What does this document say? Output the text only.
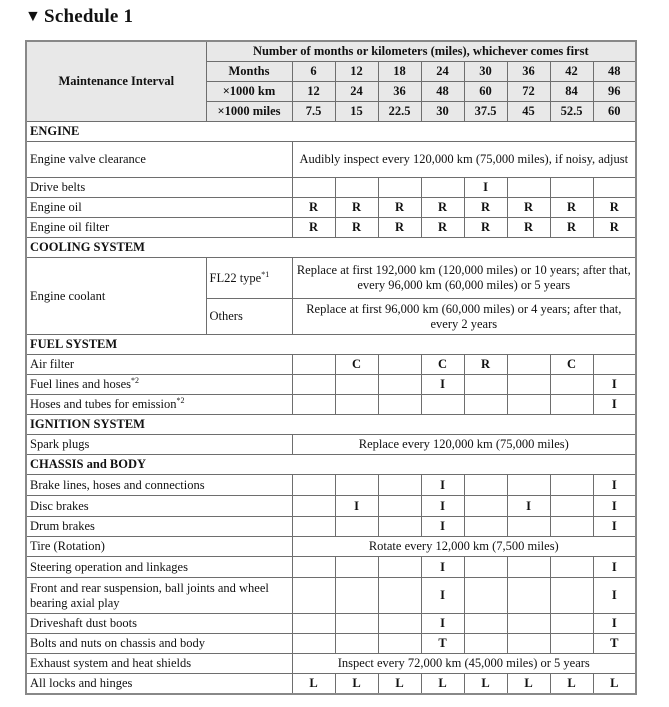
▼ Schedule 1
Maintenance Interval	Number of months or kilometers (miles), whichever comes first								
	Months	6	12	18	24	30	36	42	48
	×1000 km	12	24	36	48	60	72	84	96
	×1000 miles	7.5	15	22.5	30	37.5	45	52.5	60
ENGINE									
Engine valve clearance		Audibly inspect every 120,000 km (75,000 miles), if noisy, adjust							
Drive belts						I			
Engine oil		R	R	R	R	R	R	R	R
Engine oil filter		R	R	R	R	R	R	R	R
COOLING SYSTEM									
Engine coolant	FL22 type$^{*1}$	Replace at first 192,000 km (120,000 miles) or 10 years; after that, every 96,000 km (60,000 miles) or 5 years							
	Others	Replace at first 96,000 km (60,000 miles) or 4 years; after that, every 2 years							
FUEL SYSTEM									
Air filter			C		C	R		C	
Fuel lines and hoses$^{*2}$					I				I
Hoses and tubes for emission$^{*2}$									I
IGNITION SYSTEM									
Spark plugs		Replace every 120,000 km (75,000 miles)							
CHASSIS and BODY									
Brake lines, hoses and connections					I				I
Disc brakes			I		I		I		I
Drum brakes					I				I
Tire (Rotation)		Rotate every 12,000 km (7,500 miles)							
Steering operation and linkages					I				I
Front and rear suspension, ball joints and wheel bearing axial play					I				I
Driveshaft dust boots					I				I
Bolts and nuts on chassis and body					T				T
Exhaust system and heat shields		Inspect every 72,000 km (45,000 miles) or 5 years							
All locks and hinges		L	L	L	L	L	L	L	L
